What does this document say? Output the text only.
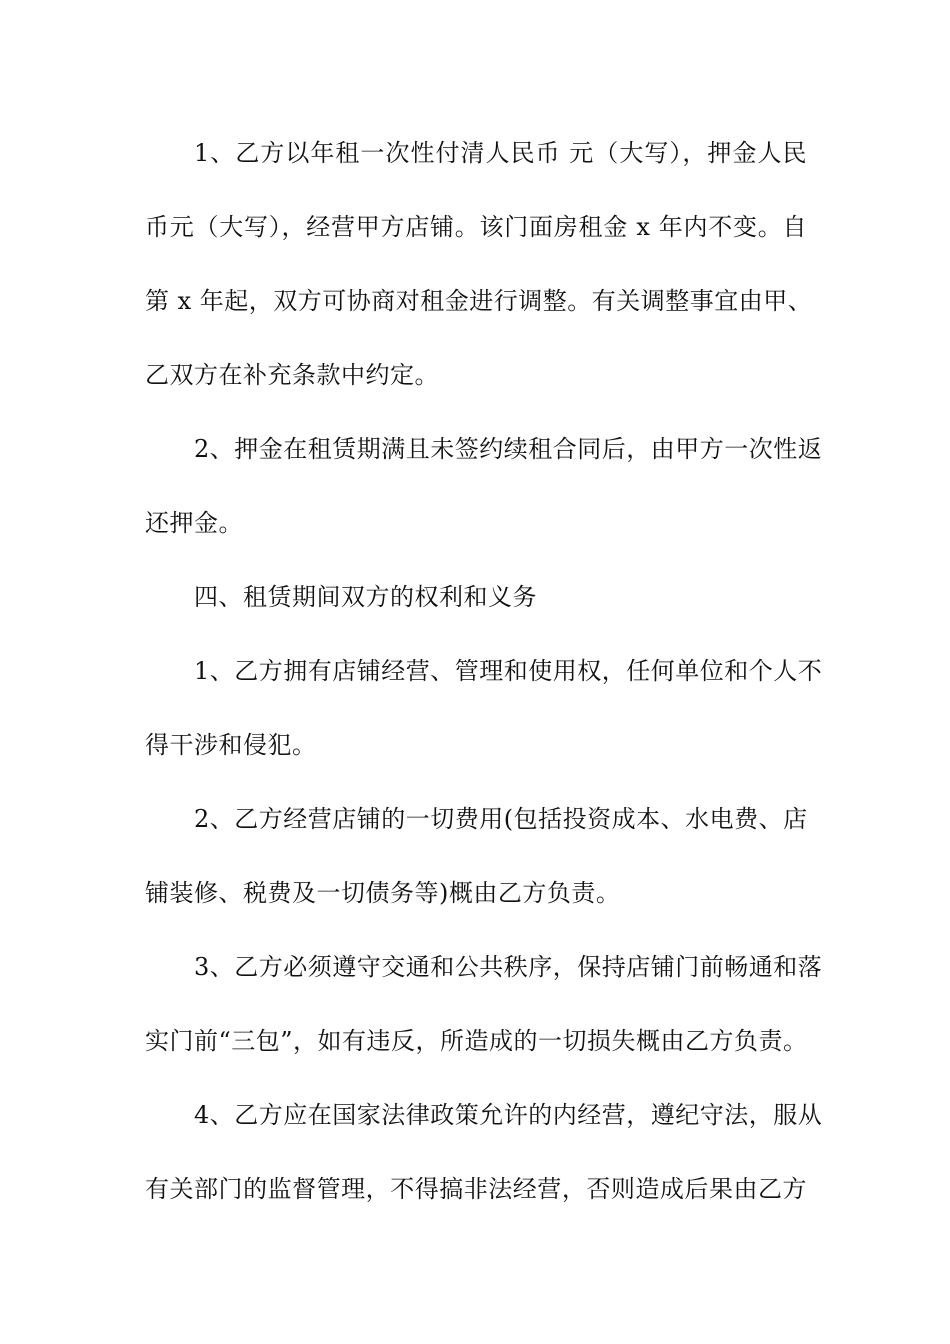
1、乙方以年租一次性付清人民币 元（大写），押金人民
币元（大写），经营甲方店铺。该门面房租金 x 年内不变。自
第 x 年起，双方可协商对租金进行调整。有关调整事宜由甲、
乙双方在补充条款中约定。
2、押金在租赁期满且未签约续租合同后，由甲方一次性返
还押金。
四、租赁期间双方的权利和义务
1、乙方拥有店铺经营、管理和使用权，任何单位和个人不
得干涉和侵犯。
2、乙方经营店铺的一切费用(包括投资成本、水电费、店
铺装修、税费及一切债务等)概由乙方负责。
3、乙方必须遵守交通和公共秩序，保持店铺门前畅通和落
实门前“三包”，如有违反，所造成的一切损失概由乙方负责。
4、乙方应在国家法律政策允许的内经营，遵纪守法，服从
有关部门的监督管理，不得搞非法经营，否则造成后果由乙方
